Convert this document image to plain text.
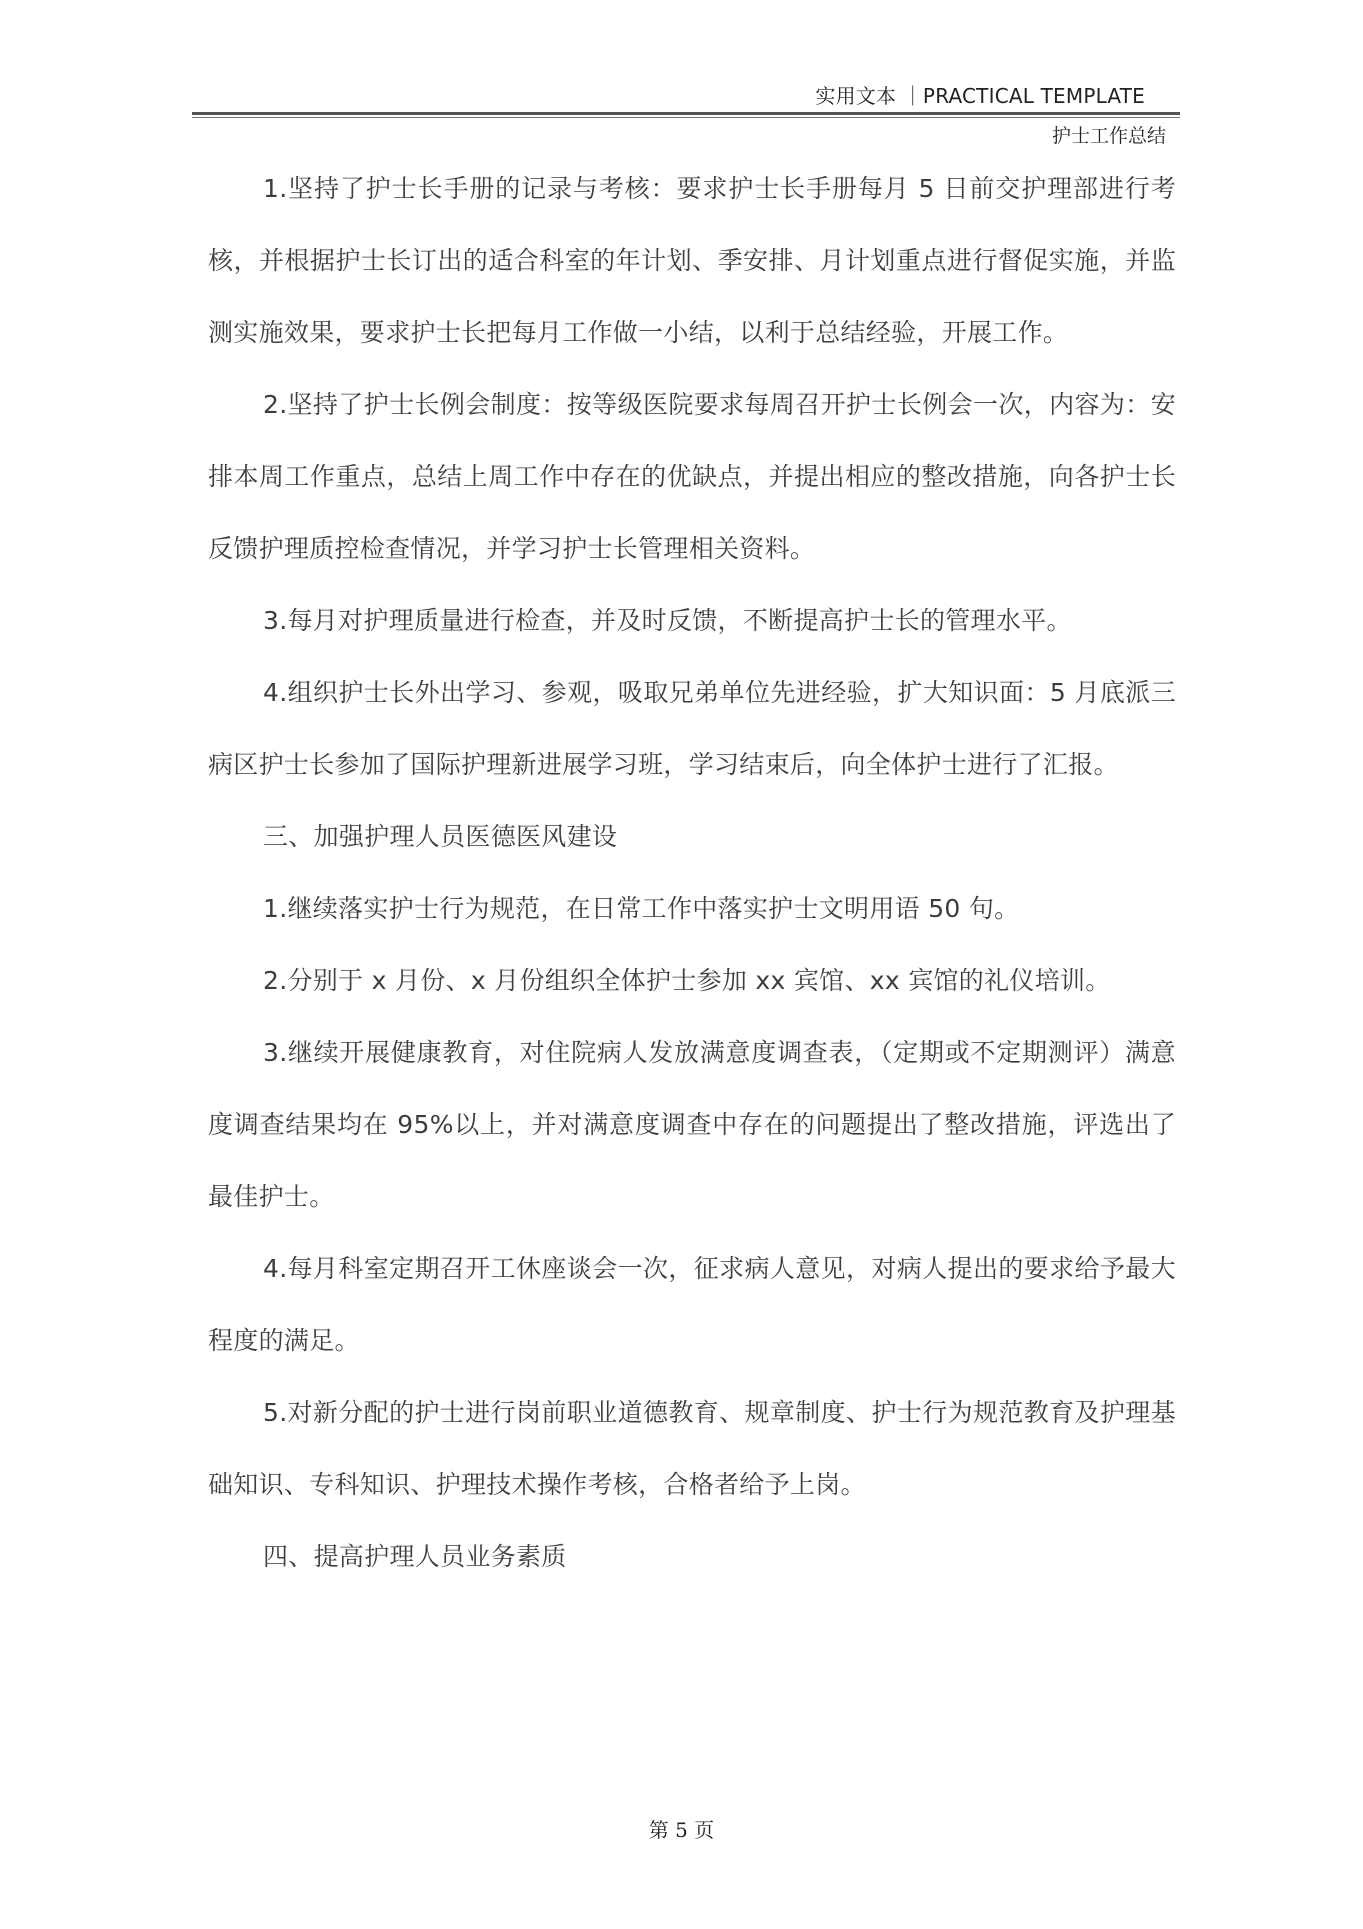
实用文本 ｜PRACTICAL TEMPLATE
护士工作总结

1.坚持了护士长手册的记录与考核：要求护士长手册每月 5 日前交护理部进行考核，并根据护士长订出的适合科室的年计划、季安排、月计划重点进行督促实施，并监测实施效果，要求护士长把每月工作做一小结，以利于总结经验，开展工作。

2.坚持了护士长例会制度：按等级医院要求每周召开护士长例会一次，内容为：安排本周工作重点，总结上周工作中存在的优缺点，并提出相应的整改措施，向各护士长反馈护理质控检查情况，并学习护士长管理相关资料。

3.每月对护理质量进行检查，并及时反馈，不断提高护士长的管理水平。

4.组织护士长外出学习、参观，吸取兄弟单位先进经验，扩大知识面：5 月底派三病区护士长参加了国际护理新进展学习班，学习结束后，向全体护士进行了汇报。

三、加强护理人员医德医风建设

1.继续落实护士行为规范，在日常工作中落实护士文明用语 50 句。

2.分别于 x 月份、x 月份组织全体护士参加 xx 宾馆、xx 宾馆的礼仪培训。

3.继续开展健康教育，对住院病人发放满意度调查表，（定期或不定期测评）满意度调查结果均在 95%以上，并对满意度调查中存在的问题提出了整改措施，评选出了最佳护士。

4.每月科室定期召开工休座谈会一次，征求病人意见，对病人提出的要求给予最大程度的满足。

5.对新分配的护士进行岗前职业道德教育、规章制度、护士行为规范教育及护理基础知识、专科知识、护理技术操作考核，合格者给予上岗。

四、提高护理人员业务素质

第 5 页
